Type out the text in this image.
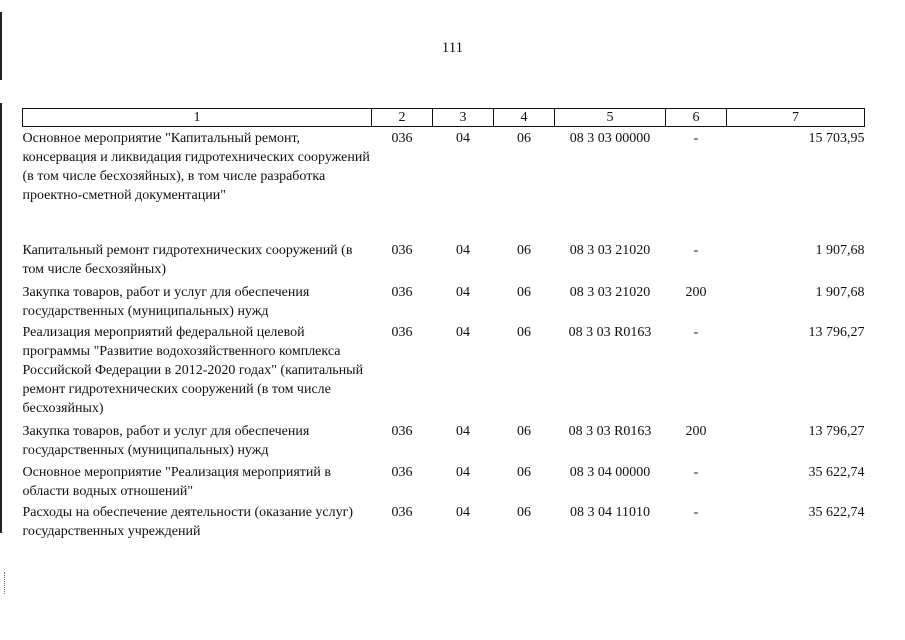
111
1	2	3	4	5	6	7
Основное мероприятие "Капитальный ремонт, консервация и ликвидация гидротехнических сооружений (в том числе бесхозяйных), в том числе разработка проектно-сметной документации"	036	04	06	08 3 03 00000	-	15 703,95
Капитальный ремонт гидротехнических сооружений (в том числе бесхозяйных)	036	04	06	08 3 03 21020	-	1 907,68
Закупка товаров, работ и услуг для обеспечения государственных (муниципальных) нужд	036	04	06	08 3 03 21020	200	1 907,68
Реализация мероприятий федеральной целевой программы "Развитие водохозяйственного комплекса Российской Федерации в 2012-2020 годах" (капитальный ремонт гидротехнических сооружений (в том числе бесхозяйных)	036	04	06	08 3 03 R0163	-	13 796,27
Закупка товаров, работ и услуг для обеспечения государственных (муниципальных) нужд	036	04	06	08 3 03 R0163	200	13 796,27
Основное мероприятие "Реализация мероприятий в области водных отношений"	036	04	06	08 3 04 00000	-	35 622,74
Расходы на обеспечение деятельности (оказание услуг) государственных учреждений	036	04	06	08 3 04 11010	-	35 622,74
